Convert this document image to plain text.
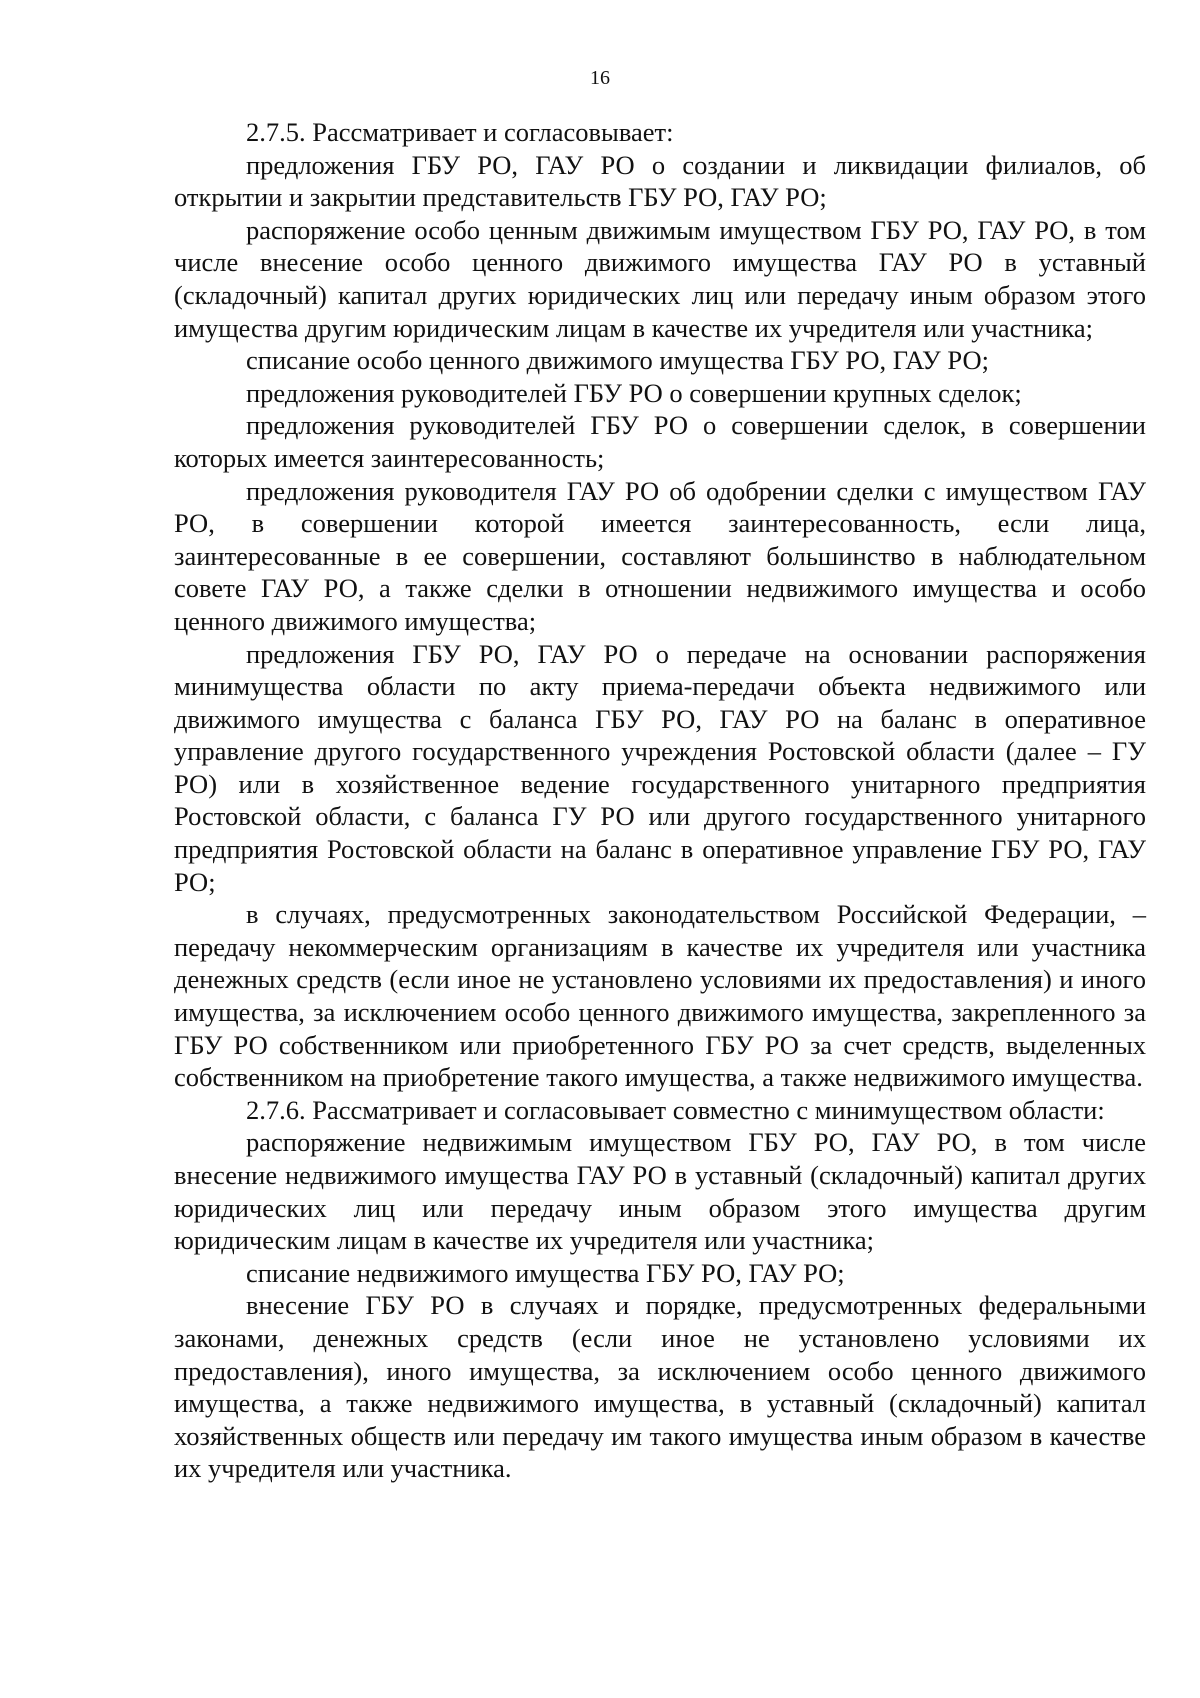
16

2.7.5. Рассматривает и согласовывает:

предложения ГБУ РО, ГАУ РО о создании и ликвидации филиалов, об открытии и закрытии представительств ГБУ РО, ГАУ РО;

распоряжение особо ценным движимым имуществом ГБУ РО, ГАУ РО, в том числе внесение особо ценного движимого имущества ГАУ РО в уставный (складочный) капитал других юридических лиц или передачу иным образом этого имущества другим юридическим лицам в качестве их учредителя или участника;

списание особо ценного движимого имущества ГБУ РО, ГАУ РО;

предложения руководителей ГБУ РО о совершении крупных сделок;

предложения руководителей ГБУ РО о совершении сделок, в совершении которых имеется заинтересованность;

предложения руководителя ГАУ РО об одобрении сделки с имуществом ГАУ РО, в совершении которой имеется заинтересованность, если лица, заинтересованные в ее совершении, составляют большинство в наблюдательном совете ГАУ РО, а также сделки в отношении недвижимого имущества и особо ценного движимого имущества;

предложения ГБУ РО, ГАУ РО о передаче на основании распоряжения минимущества области по акту приема-передачи объекта недвижимого или движимого имущества с баланса ГБУ РО, ГАУ РО на баланс в оперативное управление другого государственного учреждения Ростовской области (далее – ГУ РО) или в хозяйственное ведение государственного унитарного предприятия Ростовской области, с баланса ГУ РО или другого государственного унитарного предприятия Ростовской области на баланс в оперативное управление ГБУ РО, ГАУ РО;

в случаях, предусмотренных законодательством Российской Федерации, – передачу некоммерческим организациям в качестве их учредителя или участника денежных средств (если иное не установлено условиями их предоставления) и иного имущества, за исключением особо ценного движимого имущества, закрепленного за ГБУ РО собственником или приобретенного ГБУ РО за счет средств, выделенных собственником на приобретение такого имущества, а также недвижимого имущества.

2.7.6. Рассматривает и согласовывает совместно с минимуществом области:

распоряжение недвижимым имуществом ГБУ РО, ГАУ РО, в том числе внесение недвижимого имущества ГАУ РО в уставный (складочный) капитал других юридических лиц или передачу иным образом этого имущества другим юридическим лицам в качестве их учредителя или участника;

списание недвижимого имущества ГБУ РО, ГАУ РО;

внесение ГБУ РО в случаях и порядке, предусмотренных федеральными законами, денежных средств (если иное не установлено условиями их предоставления), иного имущества, за исключением особо ценного движимого имущества, а также недвижимого имущества, в уставный (складочный) капитал хозяйственных обществ или передачу им такого имущества иным образом в качестве их учредителя или участника.
